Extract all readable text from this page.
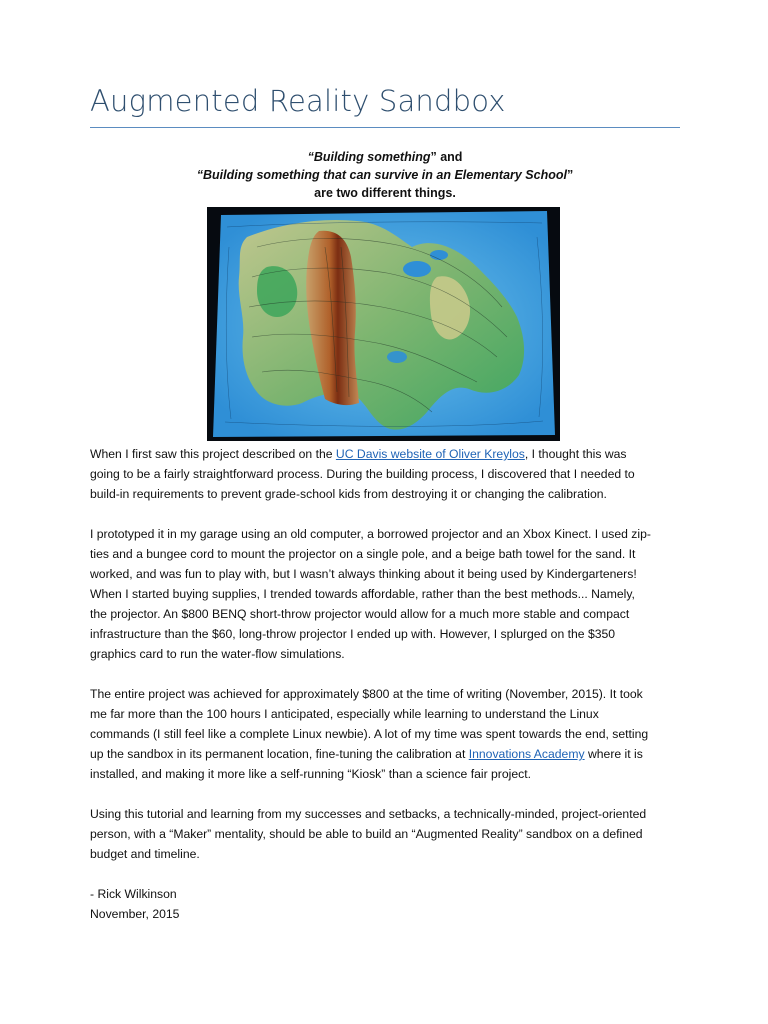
Augmented Reality Sandbox
“Building something” and
“Building something that can survive in an Elementary School”
are two different things.

When I first saw this project described on the UC Davis website of Oliver Kreylos, I thought this was
going to be a fairly straightforward process. During the building process, I discovered that I needed to
build-in requirements to prevent grade-school kids from destroying it or changing the calibration.

I prototyped it in my garage using an old computer, a borrowed projector and an Xbox Kinect. I used zip-
ties and a bungee cord to mount the projector on a single pole, and a beige bath towel for the sand. It
worked, and was fun to play with, but I wasn’t always thinking about it being used by Kindergarteners!
When I started buying supplies, I trended towards affordable, rather than the best methods... Namely,
the projector. An $800 BENQ short-throw projector would allow for a much more stable and compact
infrastructure than the $60, long-throw projector I ended up with. However, I splurged on the $350
graphics card to run the water-flow simulations.

The entire project was achieved for approximately $800 at the time of writing (November, 2015). It took
me far more than the 100 hours I anticipated, especially while learning to understand the Linux
commands (I still feel like a complete Linux newbie). A lot of my time was spent towards the end, setting
up the sandbox in its permanent location, fine-tuning the calibration at Innovations Academy where it is
installed, and making it more like a self-running “Kiosk” than a science fair project.

Using this tutorial and learning from my successes and setbacks, a technically-minded, project-oriented
person, with a “Maker” mentality, should be able to build an “Augmented Reality” sandbox on a defined
budget and timeline.

- Rick Wilkinson
November, 2015
